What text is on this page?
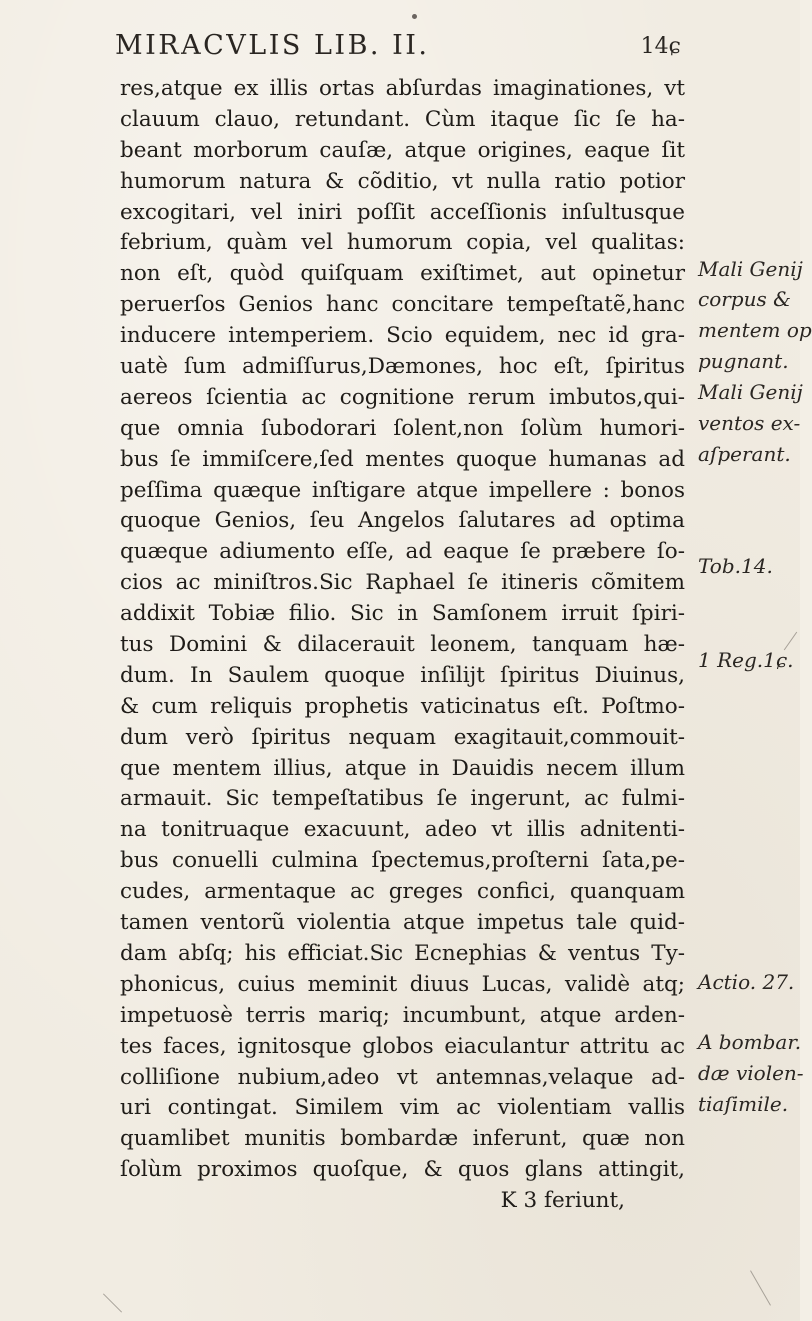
MIRACVLIS LIB. II.	14ɕ
res,atque ex illis ortas abſurdas imaginationes, vt
clauum clauo, retundant. Cùm itaque ſic ſe ha-
beant morborum cauſæ, atque origines, eaque ſit
humorum natura & cõditio, vt nulla ratio potior
excogitari, vel iniri poſſit acceſſionis inſultusque
febrium, quàm vel humorum copia, vel qualitas:
non eſt, quòd quiſquam exiſtimet, aut opinetur
peruerſos Genios hanc concitare tempeſtatẽ,hanc
inducere intemperiem. Scio equidem, nec id gra-
uatè ſum admiſſurus,Dæmones, hoc eſt, ſpiritus
aereos ſcientia ac cognitione rerum imbutos,qui-
que omnia ſubodorari ſolent,non ſolùm humori-
bus ſe immiſcere,ſed mentes quoque humanas ad
peſſima quæque inſtigare atque impellere : bonos
quoque Genios, ſeu Angelos ſalutares ad optima
quæque adiumento eſſe, ad eaque ſe præbere ſo-
cios ac miniſtros.Sic Raphael ſe itineris cõmitem
addixit Tobiæ filio. Sic in Samſonem irruit ſpiri-
tus Domini & dilacerauit leonem, tanquam hæ-
dum. In Saulem quoque inſilijt ſpiritus Diuinus,
& cum reliquis prophetis vaticinatus eſt. Poſtmo-
dum verò ſpiritus nequam exagitauit,commouit-
que mentem illius, atque in Dauidis necem illum
armauit. Sic tempeſtatibus ſe ingerunt, ac fulmi-
na tonitruaque exacuunt, adeo vt illis adnitenti-
bus conuelli culmina ſpectemus,proſterni ſata,pe-
cudes, armentaque ac greges confici, quanquam
tamen ventorũ violentia atque impetus tale quid-
dam abſq; his efficiat.Sic Ecnephias & ventus Ty-
phonicus, cuius meminit diuus Lucas, validè atq;
impetuosè terris mariq; incumbunt, atque arden-
tes faces, ignitosque globos eiaculantur attritu ac
colliſione nubium,adeo vt antemnas,velaque ad-
uri contingat. Similem vim ac violentiam vallis
quamlibet munitis bombardæ inferunt, quæ non
ſolùm proximos quoſque, & quos glans attingit,
K 3 feriunt,
Mali Genij
corpus &
mentem op
pugnant.
Mali Genij
ventos ex-
aſperant.
Tob.14.
1 Reg.1ɕ.
Actio. 27.
A bombar.
dæ violen-
tiaſimile.
